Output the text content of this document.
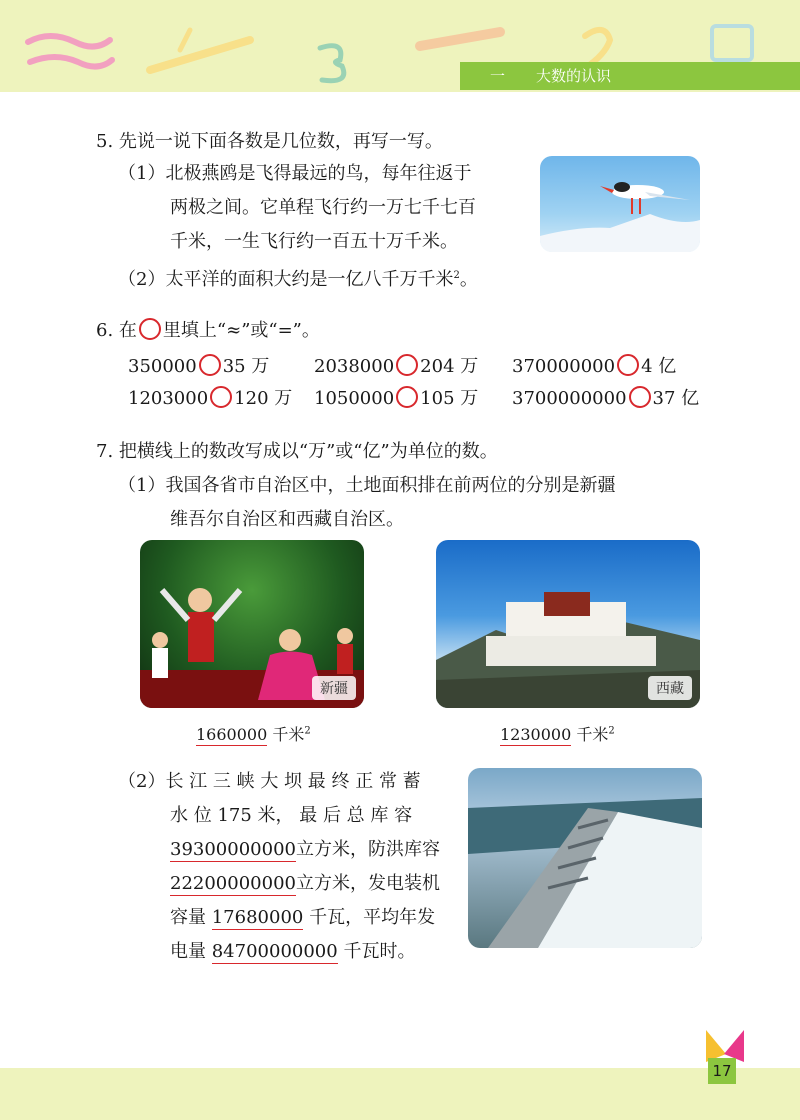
一 大数的认识
5. 先说一说下面各数是几位数，再写一写。
（1）北极燕鸥是飞得最远的鸟，每年往返于
两极之间。它单程飞行约一万七千七百
千米，一生飞行约一百五十万千米。
（2）太平洋的面积大约是一亿八千万千米$^2$。
6. 在 里填上“≈”或“=”。
350000 35 万 2038000 204 万 370000000 4 亿
1203000 120 万 1050000 105 万 3700000000 37 亿
7. 把横线上的数改写成以“万”或“亿”为单位的数。
（1）我国各省市自治区中，土地面积排在前两位的分别是新疆
维吾尔自治区和西藏自治区。
新疆	西藏
1660000 千米$^2$	1230000 千米$^2$
（2）长 江 三 峡 大 坝 最 终 正 常 蓄
水 位 175 米， 最 后 总 库 容
39300000000立方米，防洪库容
22200000000立方米，发电装机
容量 17680000 千瓦，平均年发
电量 84700000000 千瓦时。
17
